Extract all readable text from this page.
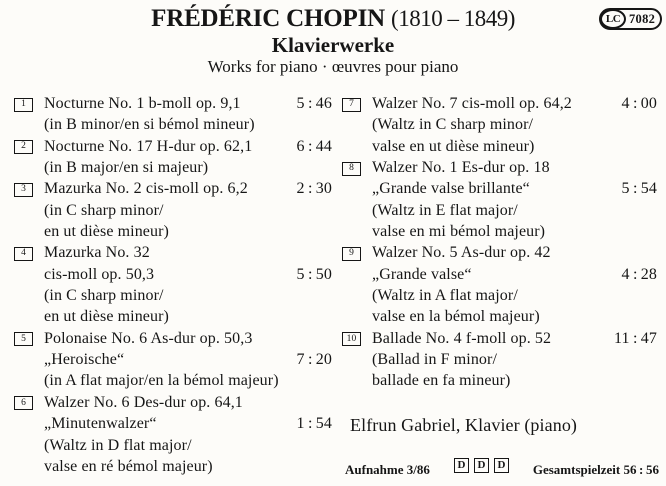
FRÉDÉRIC CHOPIN (1810 – 1849)
Klavierwerke
Works for piano · œuvres pour piano
LC 7082
1	Nocturne No. 1 b-moll op. 9,1	5 : 46
(in B minor/en si bémol mineur)
2	Nocturne No. 17 H-dur op. 62,1	6 : 44
(in B major/en si majeur)
3	Mazurka No. 2 cis-moll op. 6,2	2 : 30
(in C sharp minor/
en ut dièse mineur)
4	Mazurka No. 32
cis-moll op. 50,3	5 : 50
(in C sharp minor/
en ut dièse mineur)
5	Polonaise No. 6 As-dur op. 50,3
„Heroische“	7 : 20
(in A flat major/en la bémol majeur)
6	Walzer No. 6 Des-dur op. 64,1
„Minutenwalzer“	1 : 54
(Waltz in D flat major/
valse en ré bémol majeur)
7	Walzer No. 7 cis-moll op. 64,2	4 : 00
(Waltz in C sharp minor/
valse en ut dièse mineur)
8	Walzer No. 1 Es-dur op. 18
„Grande valse brillante“	5 : 54
(Waltz in E flat major/
valse en mi bémol majeur)
9	Walzer No. 5 As-dur op. 42
„Grande valse“	4 : 28
(Waltz in A flat major/
valse en la bémol majeur)
10 Ballade No. 4 f-moll op. 52	11 : 47
(Ballad in F minor/
ballade en fa mineur)
Elfrun Gabriel, Klavier (piano)
Aufnahme 3/86	D	D	D Gesamtspielzeit 56 : 56
